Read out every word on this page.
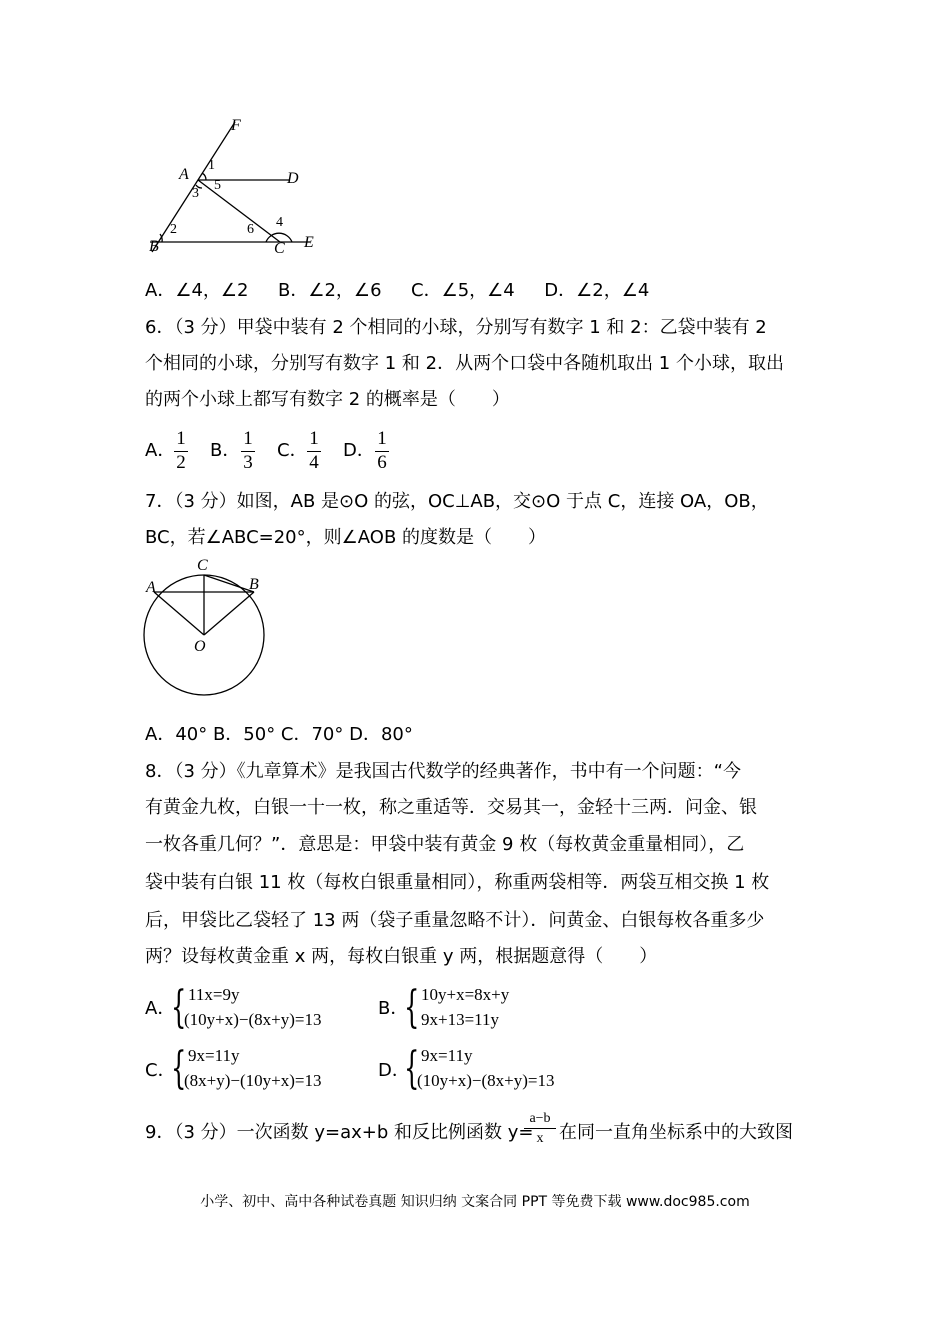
F
A	D
B	C E
1
3
5
2	6 4
A．∠4，∠2 B．∠2，∠6 C．∠5，∠4 D．∠2，∠4
6．（3 分）甲袋中装有 2 个相同的小球，分别写有数字 1 和 2：乙袋中装有 2
个相同的小球，分别写有数字 1 和 2．从两个口袋中各随机取出 1 个小球，取出
的两个小球上都写有数字 2 的概率是（　　）
A．
1
2
B．
1
3
C．
1
4
D．
1
6
7．（3 分）如图，AB 是⊙O 的弦，OC⊥AB，交⊙O 于点 C，连接 OA，OB，
BC，若∠ABC=20°，则∠AOB 的度数是（　　）
A
C
B
O
A．40° B．50° C．70° D．80°
8．（3 分）《九章算术》是我国古代数学的经典著作，书中有一个问题：“今
有黄金九枚，白银一十一枚，称之重适等．交易其一，金轻十三两．问金、银
一枚各重几何？”．意思是：甲袋中装有黄金 9 枚（每枚黄金重量相同），乙
袋中装有白银 11 枚（每枚白银重量相同），称重两袋相等．两袋互相交换 1 枚
后，甲袋比乙袋轻了 13 两（袋子重量忽略不计）．问黄金、白银每枚各重多少
两？设每枚黄金重 x 两，每枚白银重 y 两，根据题意得（　　）
A．
{ 11x=9y
(10y+x)−(8x+y)=13
B．
{ 10y+x=8x+y
9x+13=11y
C．
{ 9x=11y
(8x+y)−(10y+x)=13	D．
{ 9x=11y
(10y+x)−(8x+y)=13
9．（3 分）一次函数 y=ax+b 和反比例函数 y=
a−b
x 在同一直角坐标系中的大致图
小学、初中、高中各种试卷真题 知识归纳 文案合同 PPT 等免费下载 www.doc985.com
